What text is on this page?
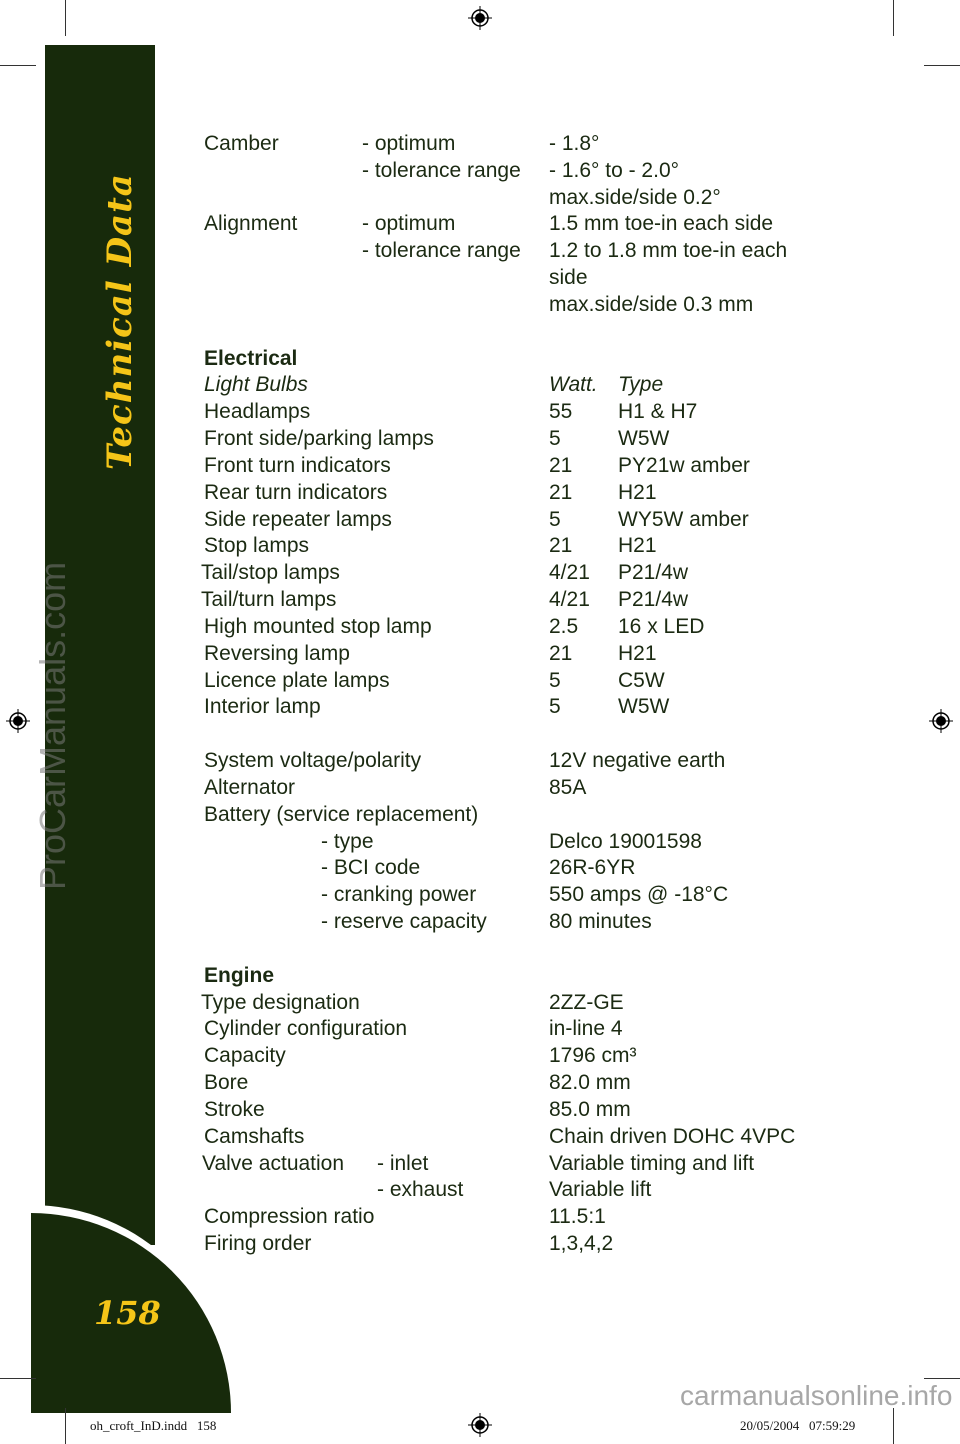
Technical Data
158
ProCarManuals.com
Camber	- optimum	- 1.8°
- tolerance range - 1.6° to - 2.0°
max.side/side 0.2°
Alignment	- optimum	1.5 mm toe-in each side
- tolerance range 1.2 to 1.8 mm toe-in each
side
max.side/side 0.3 mm
Electrical
Light Bulbs	Watt. Type
Headlamps	55 H1 & H7
Front side/parking lamps	5	W5W
Front turn indicators	21 PY21w amber
Rear turn indicators	21 H21
Side repeater lamps	5	WY5W amber
Stop lamps	21 H21
Tail/stop lamps	4/21 P21/4w
Tail/turn lamps	4/21 P21/4w
High mounted stop lamp	2.5 16 x LED
Reversing lamp	21 H21
Licence plate lamps	5	C5W
Interior lamp	5	W5W
System voltage/polarity	12V negative earth
Alternator	85A
Battery (service replacement)
- type	Delco 19001598
- BCI code	26R-6YR
- cranking power	550 amps @ -18°C
- reserve capacity	80 minutes
Engine
Type designation	2ZZ-GE
Cylinder configuration	in-line 4
Capacity	1796 cm³
Bore	82.0 mm
Stroke	85.0 mm
Camshafts	Chain driven DOHC 4VPC
Valve actuation - inlet	Variable timing and lift
- exhaust	Variable lift
Compression ratio	11.5:1
Firing order	1,3,4,2
oh_croft_InD.indd   158	20/05/2004   07:59:29
carmanualsonline.info
